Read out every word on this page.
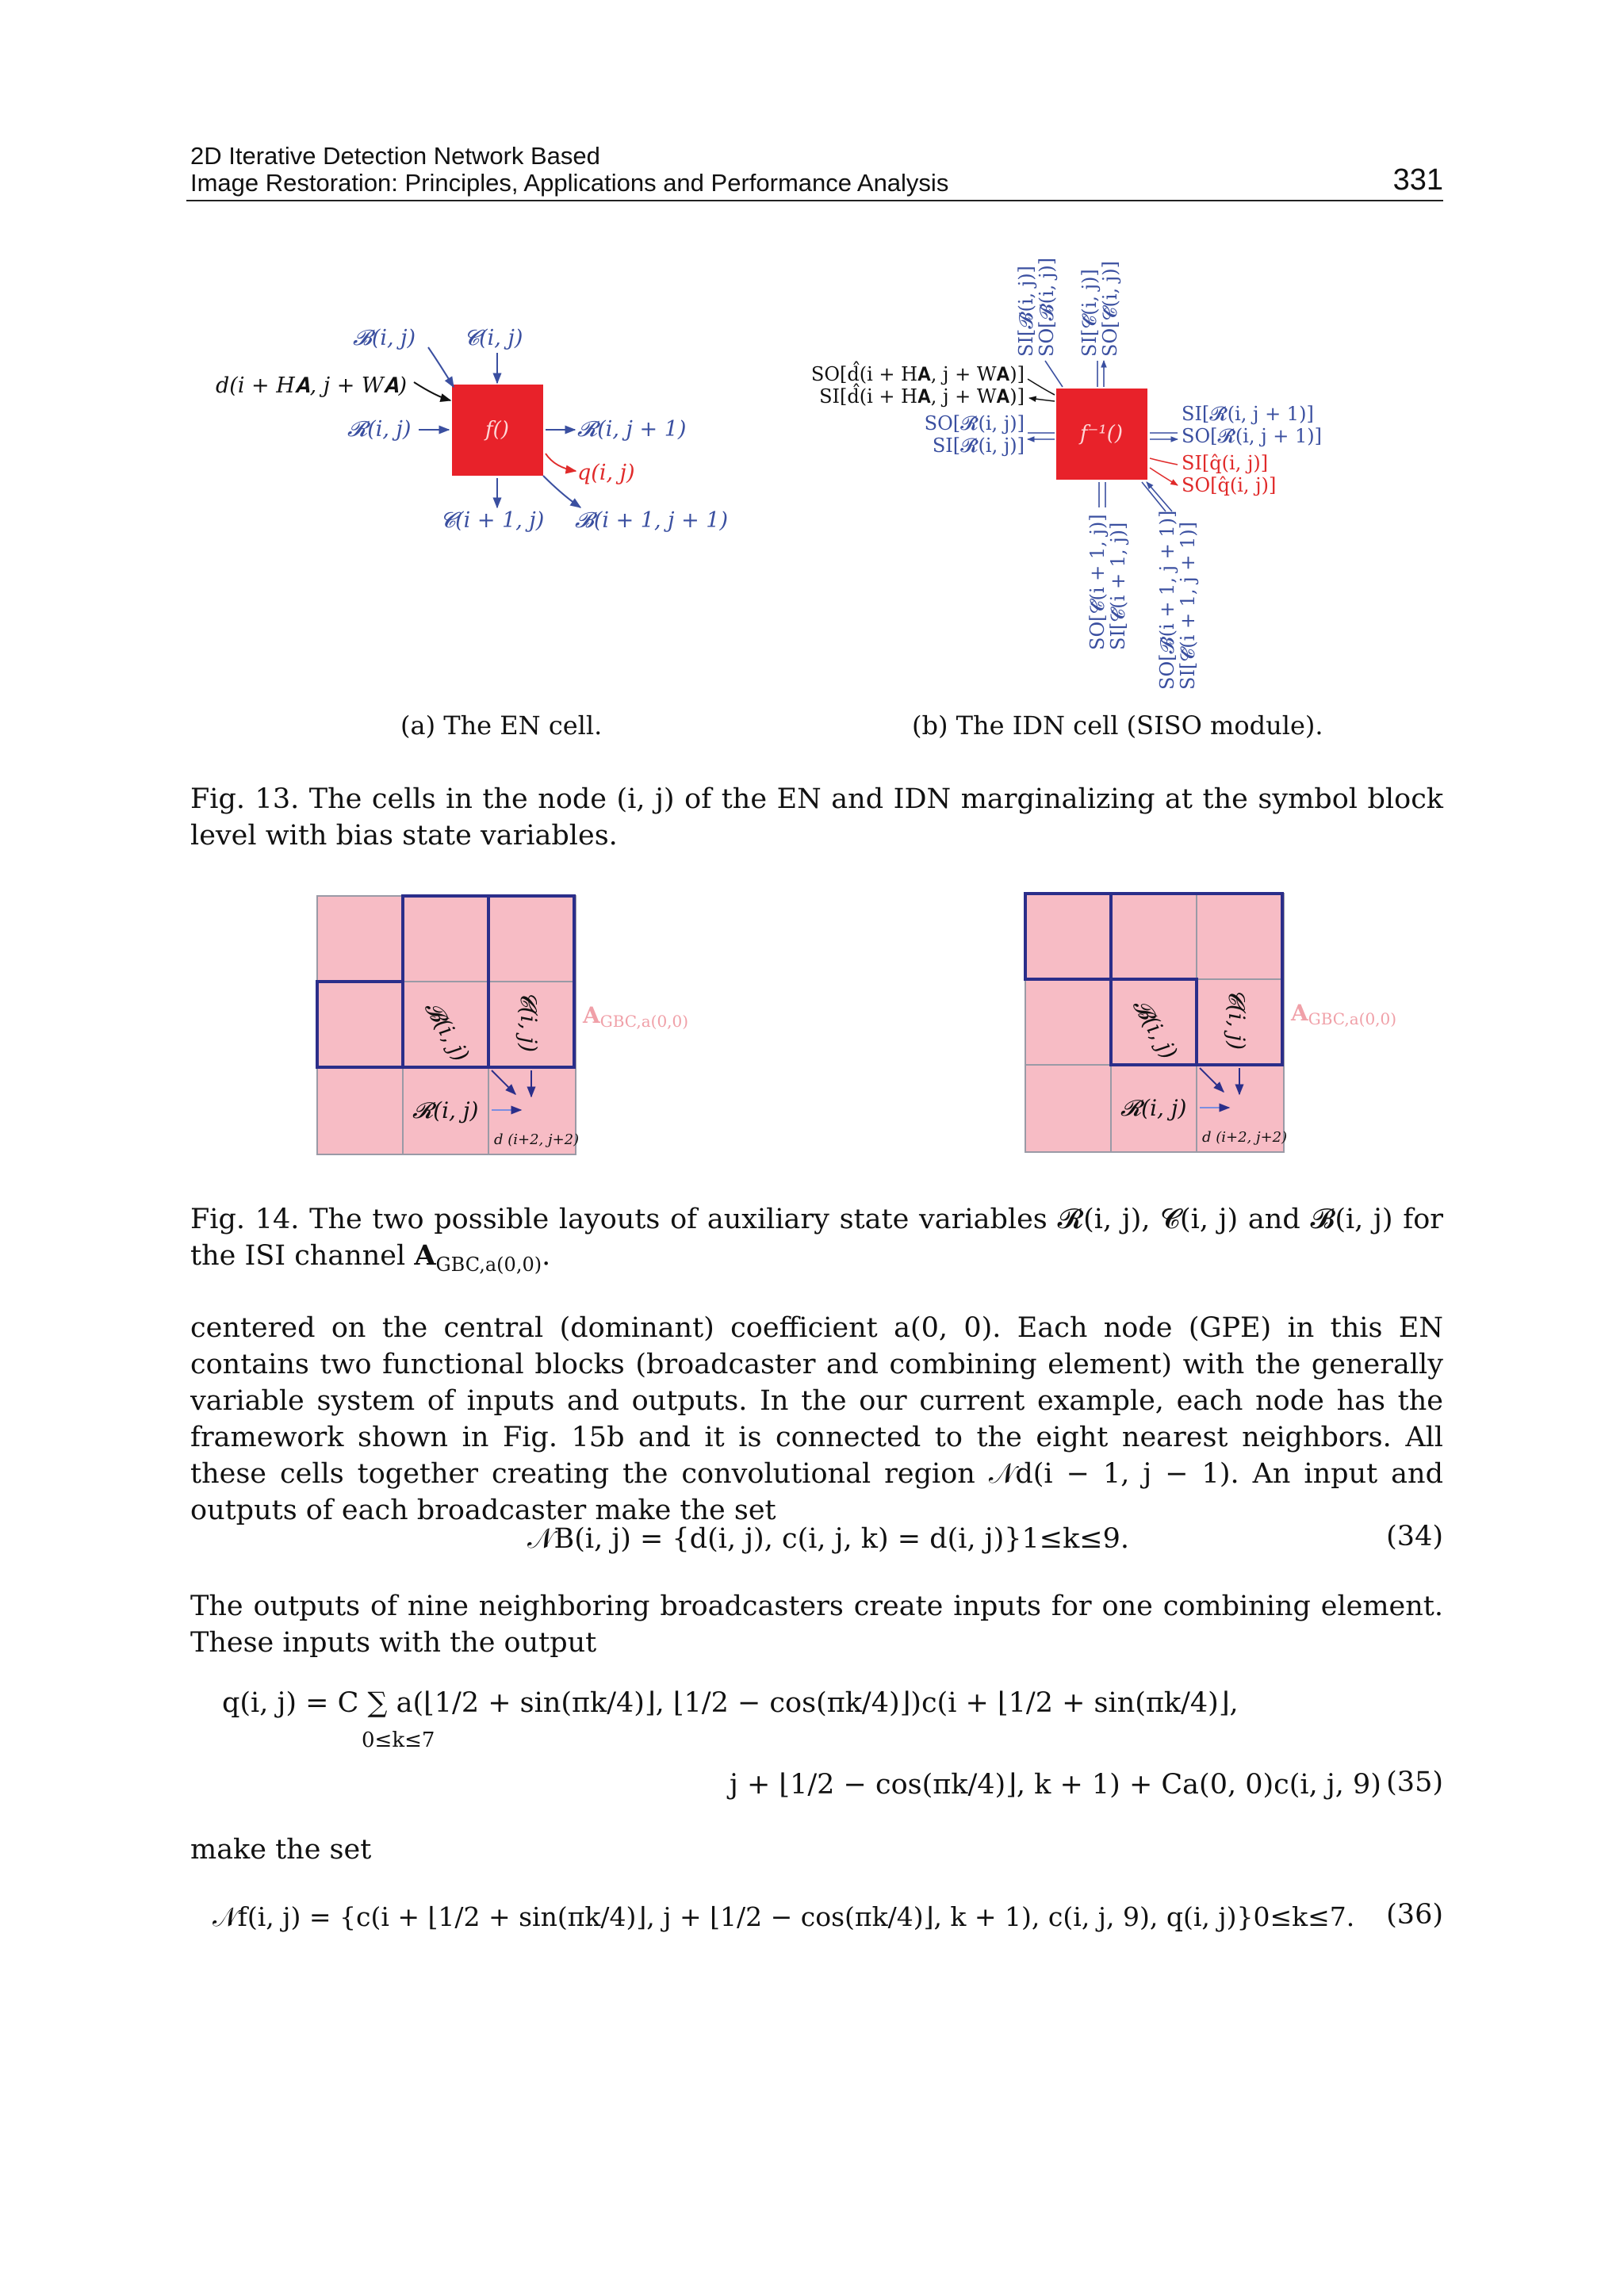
2D Iterative Detection Network Based
Image Restoration: Principles, Applications and Performance Analysis	331
f()
𝓑(i, j) 𝓒(i, j)
d(i + H𝐀, j + W𝐀)
𝓡(i, j)	𝓡(i, j + 1)
q(i, j)
𝓒(i + 1, j) 𝓑(i + 1, j + 1)
f⁻¹()
SI[𝓑̂(i, j)]
SO[𝓑̂(i, j)] SI[𝓒̂(i, j)]
SO[𝓒̂(i, j)]
SO[d̂(i + H𝐀, j + W𝐀)]
SI[d̂(i + H𝐀, j + W𝐀)]
SO[𝓡̂(i, j)]
SI[𝓡̂(i, j)]
SI[𝓡̂(i, j + 1)]
SO[𝓡̂(i, j + 1)]
SI[q̂(i, j)]
SO[q̂(i, j)]
SO[𝓒̂(i + 1, j)]
SI[𝓒̂(i + 1, j)] SO[𝓑̂(i + 1, j + 1)]
SI[𝓒̂(i + 1, j + 1)]
(a) The EN cell.	(b) The IDN cell (SISO module).
Fig. 13. The cells in the node (i, j) of the EN and IDN marginalizing at the symbol block level with bias state variables.
𝓑(i, j) 𝓒(i, j)
𝓡(i, j)
d (i+2, j+2)
AGBC,a(0,0)	𝓑(i, j) 𝓒(i, j)
𝓡(i, j)
d (i+2, j+2)
AGBC,a(0,0)
Fig. 14. The two possible layouts of auxiliary state variables 𝓡(i, j), 𝓒(i, j) and 𝓑(i, j) for the ISI channel $A_{GBC,a(0,0)}$.
centered on the central (dominant) coefficient a(0, 0). Each node (GPE) in this EN contains two functional blocks (broadcaster and combining element) with the generally variable system of inputs and outputs. In the our current example, each node has the framework shown in Fig. 15b and it is connected to the eight nearest neighbors. All these cells together creating the convolutional region 𝒩d(i − 1, j − 1). An input and outputs of each broadcaster make the set
𝒩B(i, j) = {d(i, j), c(i, j, k) = d(i, j)}1≤k≤9.	(34)
The outputs of nine neighboring broadcasters create inputs for one combining element. These inputs with the output
q(i, j) = C ∑ a(⌊1/2 + sin(πk/4)⌋, ⌊1/2 − cos(πk/4)⌋)c(i + ⌊1/2 + sin(πk/4)⌋,
0≤k≤7
j + ⌊1/2 − cos(πk/4)⌋, k + 1) + Ca(0, 0)c(i, j, 9) (35)
make the set
𝒩f(i, j) = {c(i + ⌊1/2 + sin(πk/4)⌋, j + ⌊1/2 − cos(πk/4)⌋, k + 1), c(i, j, 9), q(i, j)}0≤k≤7. (36)
